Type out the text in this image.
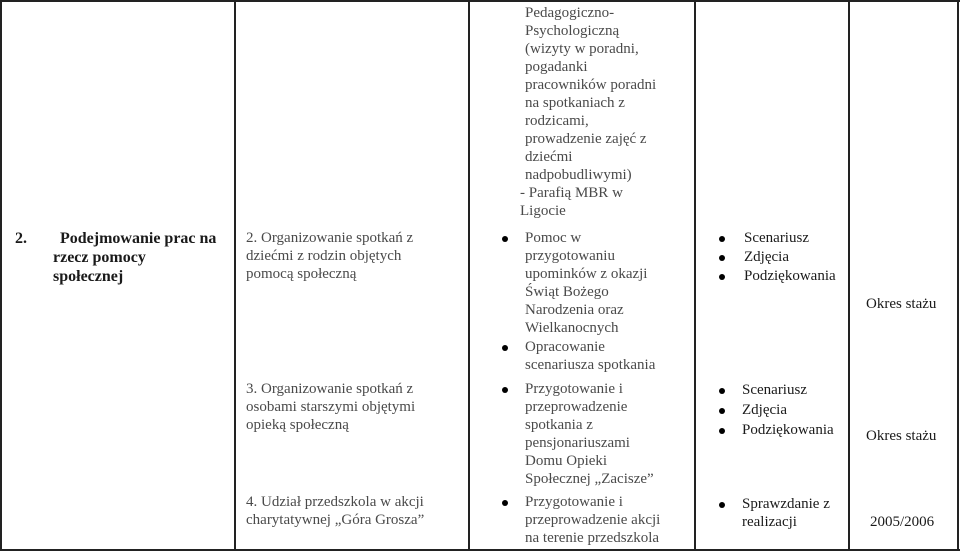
2. Podejmowanie prac na
rzecz pomocy
społecznej
2. Organizowanie spotkań z
dziećmi z rodzin objętych
pomocą społeczną
3. Organizowanie spotkań z
osobami starszymi objętymi
opieką społeczną
4. Udział przedszkola w akcji
charytatywnej „Góra Grosza”
Pedagogiczno-
Psychologiczną
(wizyty w poradni,
pogadanki
pracowników poradni
na spotkaniach z
rodzicami,
prowadzenie zajęć z
dziećmi
nadpobudliwymi)
- Parafią MBR w
Ligocie
Pomoc w
przygotowaniu
upominków z okazji
Świąt Bożego
Narodzenia oraz
Wielkanocnych
Opracowanie
scenariusza spotkania
Przygotowanie i
przeprowadzenie
spotkania z
pensjonariuszami
Domu Opieki
Społecznej „Zacisze”
Przygotowanie i
przeprowadzenie akcji
na terenie przedszkola
Scenariusz
Zdjęcia
Podziękowania
Scenariusz
Zdjęcia
Podziękowania
Sprawzdanie z
realizacji
Okres stażu
Okres stażu
2005/2006
